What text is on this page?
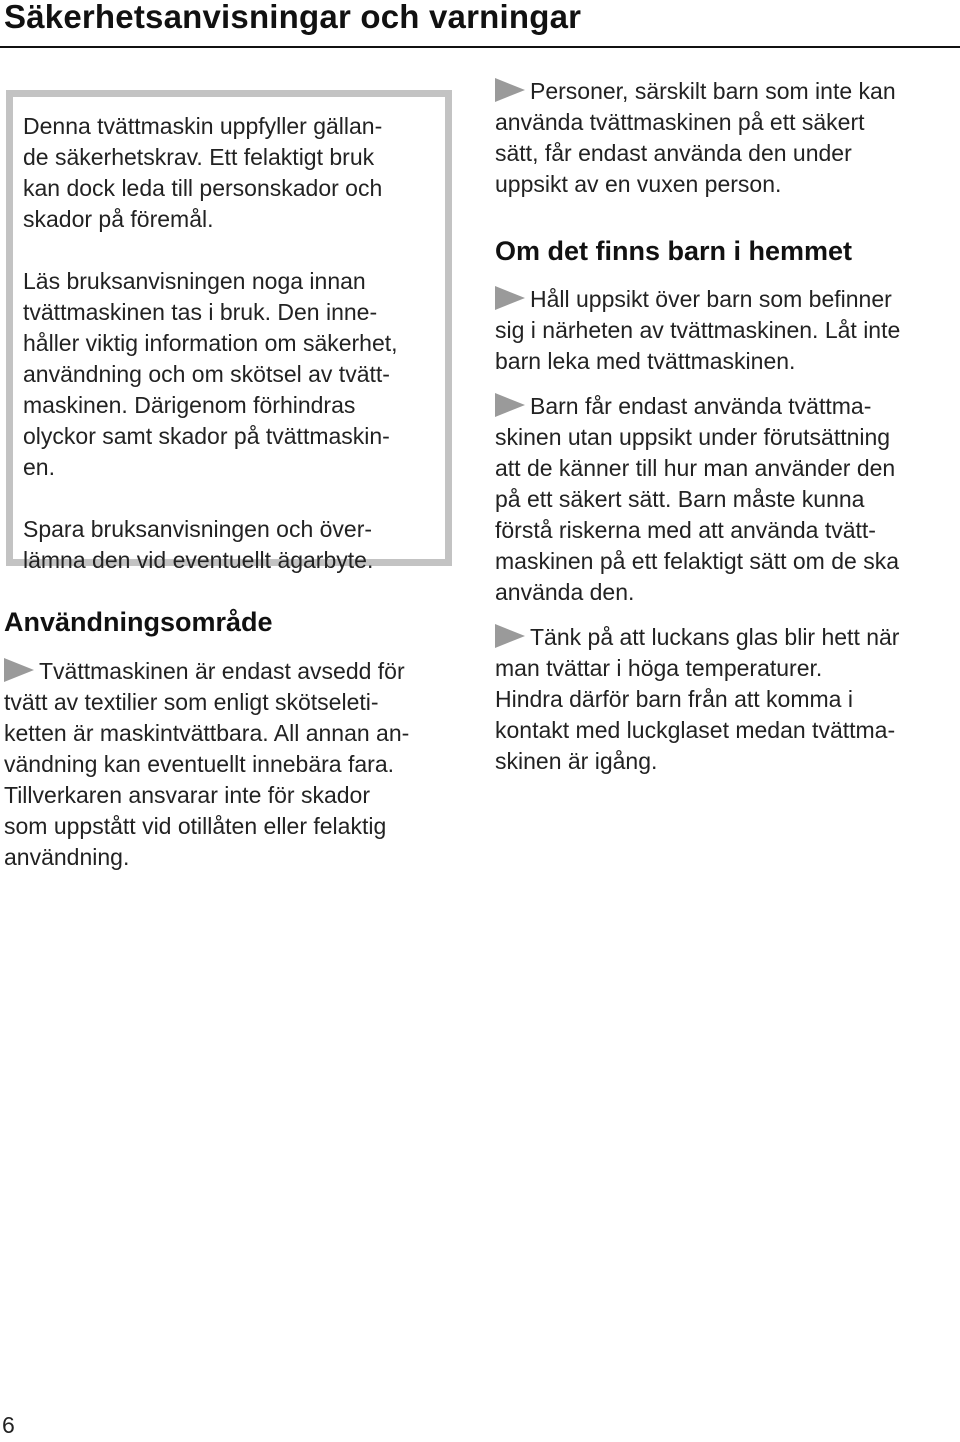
Säkerhetsanvisningar och varningar

Denna tvättmaskin uppfyller gällan-
de säkerhetskrav. Ett felaktigt bruk
kan dock leda till personskador och
skador på föremål.

Läs bruksanvisningen noga innan
tvättmaskinen tas i bruk. Den inne-
håller viktig information om säkerhet,
användning och om skötsel av tvätt-
maskinen. Därigenom förhindras
olyckor samt skador på tvättmaskin-
en.

Spara bruksanvisningen och över-
lämna den vid eventuellt ägarbyte.

Användningsområde

Tvättmaskinen är endast avsedd för
tvätt av textilier som enligt skötseleti-
ketten är maskintvättbara. All annan an-
vändning kan eventuellt innebära fara.
Tillverkaren ansvarar inte för skador
som uppstått vid otillåten eller felaktig
användning.

Personer, särskilt barn som inte kan
använda tvättmaskinen på ett säkert
sätt, får endast använda den under
uppsikt av en vuxen person.

Om det finns barn i hemmet

Håll uppsikt över barn som befinner
sig i närheten av tvättmaskinen. Låt inte
barn leka med tvättmaskinen.

Barn får endast använda tvättma-
skinen utan uppsikt under förutsättning
att de känner till hur man använder den
på ett säkert sätt. Barn måste kunna
förstå riskerna med att använda tvätt-
maskinen på ett felaktigt sätt om de ska
använda den.

Tänk på att luckans glas blir hett när
man tvättar i höga temperaturer.
Hindra därför barn från att komma i
kontakt med luckglaset medan tvättma-
skinen är igång.

6
